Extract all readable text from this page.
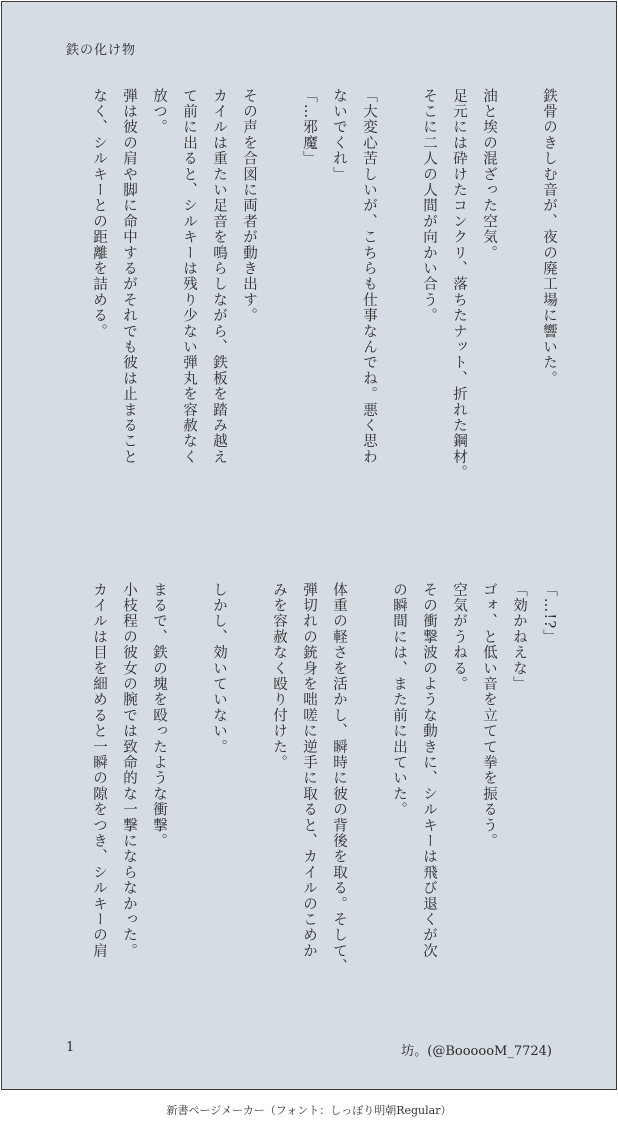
鉄の化け物
鉄骨のきしむ音が、夜の廃工場に響いた。
油と埃の混ざった空気。
足元には砕けたコンクリ、落ちたナット、折れた鋼材。
そこに二人の人間が向かい合う。
「大変心苦しいが、こちらも仕事なんでね。悪く思わ
ないでくれ」
「…邪魔」
その声を合図に両者が動き出す。
カイルは重たい足音を鳴らしながら、鉄板を踏み越え
て前に出ると、シルキーは残り少ない弾丸を容赦なく
放つ。
弾は彼の肩や脚に命中するがそれでも彼は止まること
なく、シルキーとの距離を詰める。
「…!?」
「効かねえな」
ゴォ、と低い音を立てて拳を振るう。
空気がうねる。
その衝撃波のような動きに、シルキーは飛び退くが次
の瞬間には、また前に出ていた。
体重の軽さを活かし、瞬時に彼の背後を取る。そして、
弾切れの銃身を咄嗟に逆手に取ると、カイルのこめか
みを容赦なく殴り付けた。
しかし、効いていない。
まるで、鉄の塊を殴ったような衝撃。
小枝程の彼女の腕では致命的な一撃にならなかった。
カイルは目を細めると一瞬の隙をつき、シルキーの肩
1	坊。(@BoooooM_7724)
新書ページメーカー（フォント：しっぽり明朝Regular）
